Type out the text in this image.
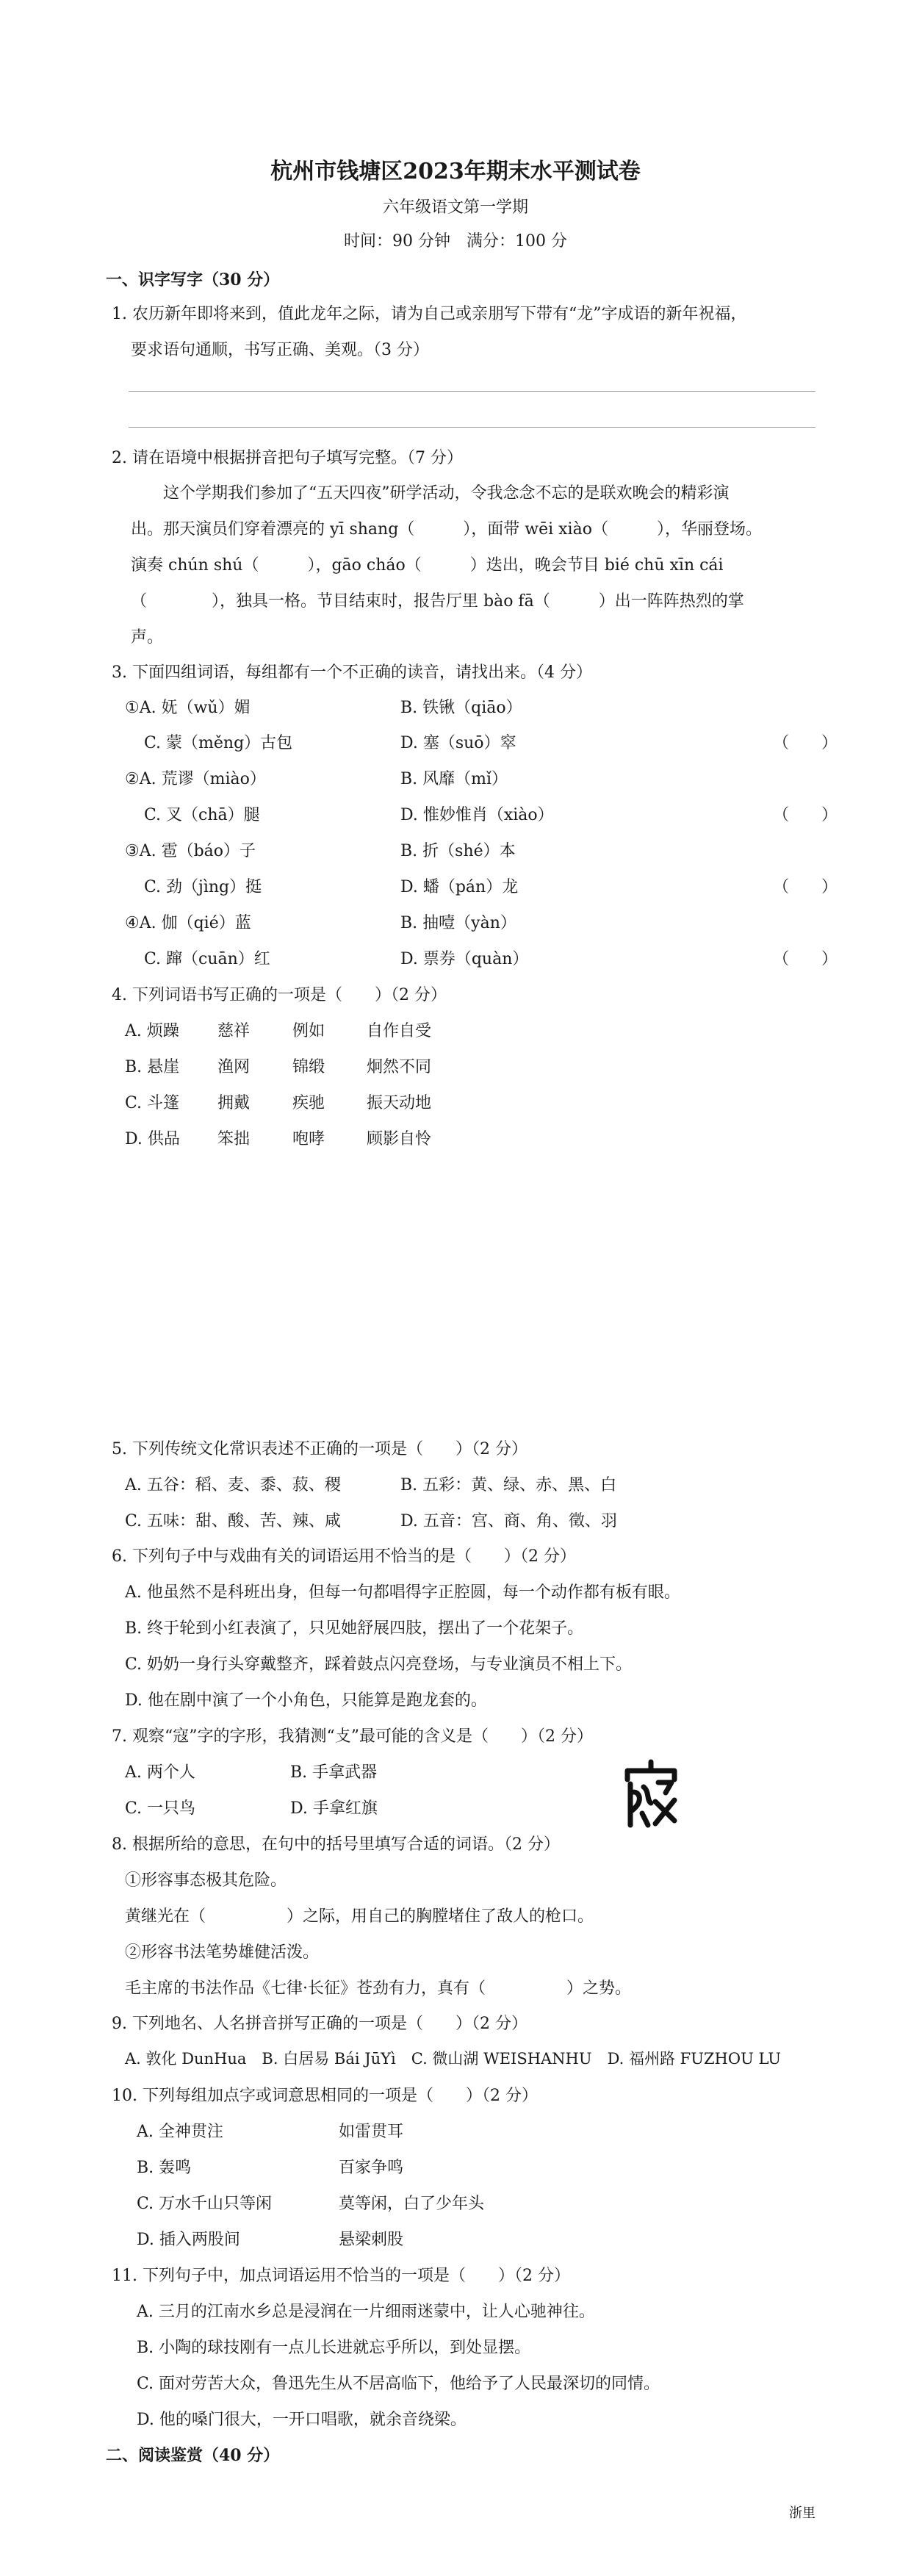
杭州市钱塘区2023年期末水平测试卷
六年级语文第一学期
时间：90 分钟　满分：100 分
一、识字写字（30 分）
1. 农历新年即将来到，值此龙年之际，请为自己或亲朋写下带有“龙”字成语的新年祝福，
要求语句通顺，书写正确、美观。（3 分）
2. 请在语境中根据拼音把句子填写完整。（7 分）
这个学期我们参加了“五天四夜”研学活动，令我念念不忘的是联欢晚会的精彩演
出。那天演员们穿着漂亮的 yī shang（　　　），面带 wēi xiào（　　　），华丽登场。
演奏 chún shú（　　　），gāo cháo（　　　）迭出，晚会节目 bié chū xīn cái
（　　　　），独具一格。节目结束时，报告厅里 bào fā（　　　）出一阵阵热烈的掌
声。
3. 下面四组词语，每组都有一个不正确的读音，请找出来。（4 分）
①A. 妩（wǔ）媚	B. 铁锹（qiāo）
C. 蒙（měng）古包	D. 塞（suō）窣	（　　）
②A. 荒谬（miào）	B. 风靡（mǐ）
C. 叉（chā）腿	D. 惟妙惟肖（xiào）	（　　）
③A. 雹（báo）子	B. 折（shé）本
C. 劲（jìng）挺	D. 蟠（pán）龙	（　　）
④A. 伽（qié）蓝	B. 抽噎（yàn）
C. 蹿（cuān）红	D. 票券（quàn）	（　　）
4. 下列词语书写正确的一项是（　　）（2 分）
A. 烦躁 慈祥	例如	自作自受
B. 悬崖 渔网	锦缎	炯然不同
C. 斗篷 拥戴	疾驰	振天动地
D. 供品 笨拙	咆哮	顾影自怜
5. 下列传统文化常识表述不正确的一项是（　　）（2 分）
A. 五谷：稻、麦、黍、菽、稷	B. 五彩：黄、绿、赤、黑、白
C. 五味：甜、酸、苦、辣、咸	D. 五音：宫、商、角、徵、羽
6. 下列句子中与戏曲有关的词语运用不恰当的是（　　）（2 分）
A. 他虽然不是科班出身，但每一句都唱得字正腔圆，每一个动作都有板有眼。
B. 终于轮到小红表演了，只见她舒展四肢，摆出了一个花架子。
C. 奶奶一身行头穿戴整齐，踩着鼓点闪亮登场，与专业演员不相上下。
D. 他在剧中演了一个小角色，只能算是跑龙套的。
7. 观察“寇”字的字形，我猜测“攴”最可能的含义是（　　）（2 分）
A. 两个人	B. 手拿武器
C. 一只鸟	D. 手拿红旗
8. 根据所给的意思，在句中的括号里填写合适的词语。（2 分）
①形容事态极其危险。
黄继光在（　　　　　）之际，用自己的胸膛堵住了敌人的枪口。
②形容书法笔势雄健活泼。
毛主席的书法作品《七律·长征》苍劲有力，真有（　　　　　）之势。
9. 下列地名、人名拼音拼写正确的一项是（　　）（2 分）
A. 敦化 DunHua　B. 白居易 Bái JūYì　C. 微山湖 WEISHANHU　D. 福州路 FUZHOU LU
10. 下列每组加点字或词意思相同的一项是（　　）（2 分）
A. 全神贯注	如雷贯耳
B. 轰鸣	百家争鸣
C. 万水千山只等闲	莫等闲，白了少年头
D. 插入两股间	悬梁刺股
11. 下列句子中，加点词语运用不恰当的一项是（　　）（2 分）
A. 三月的江南水乡总是浸润在一片细雨迷蒙中，让人心驰神往。
B. 小陶的球技刚有一点儿长进就忘乎所以，到处显摆。
C. 面对劳苦大众，鲁迅先生从不居高临下，他给予了人民最深切的同情。
D. 他的嗓门很大，一开口唱歌，就余音绕梁。
二、阅读鉴赏（40 分）
浙里
